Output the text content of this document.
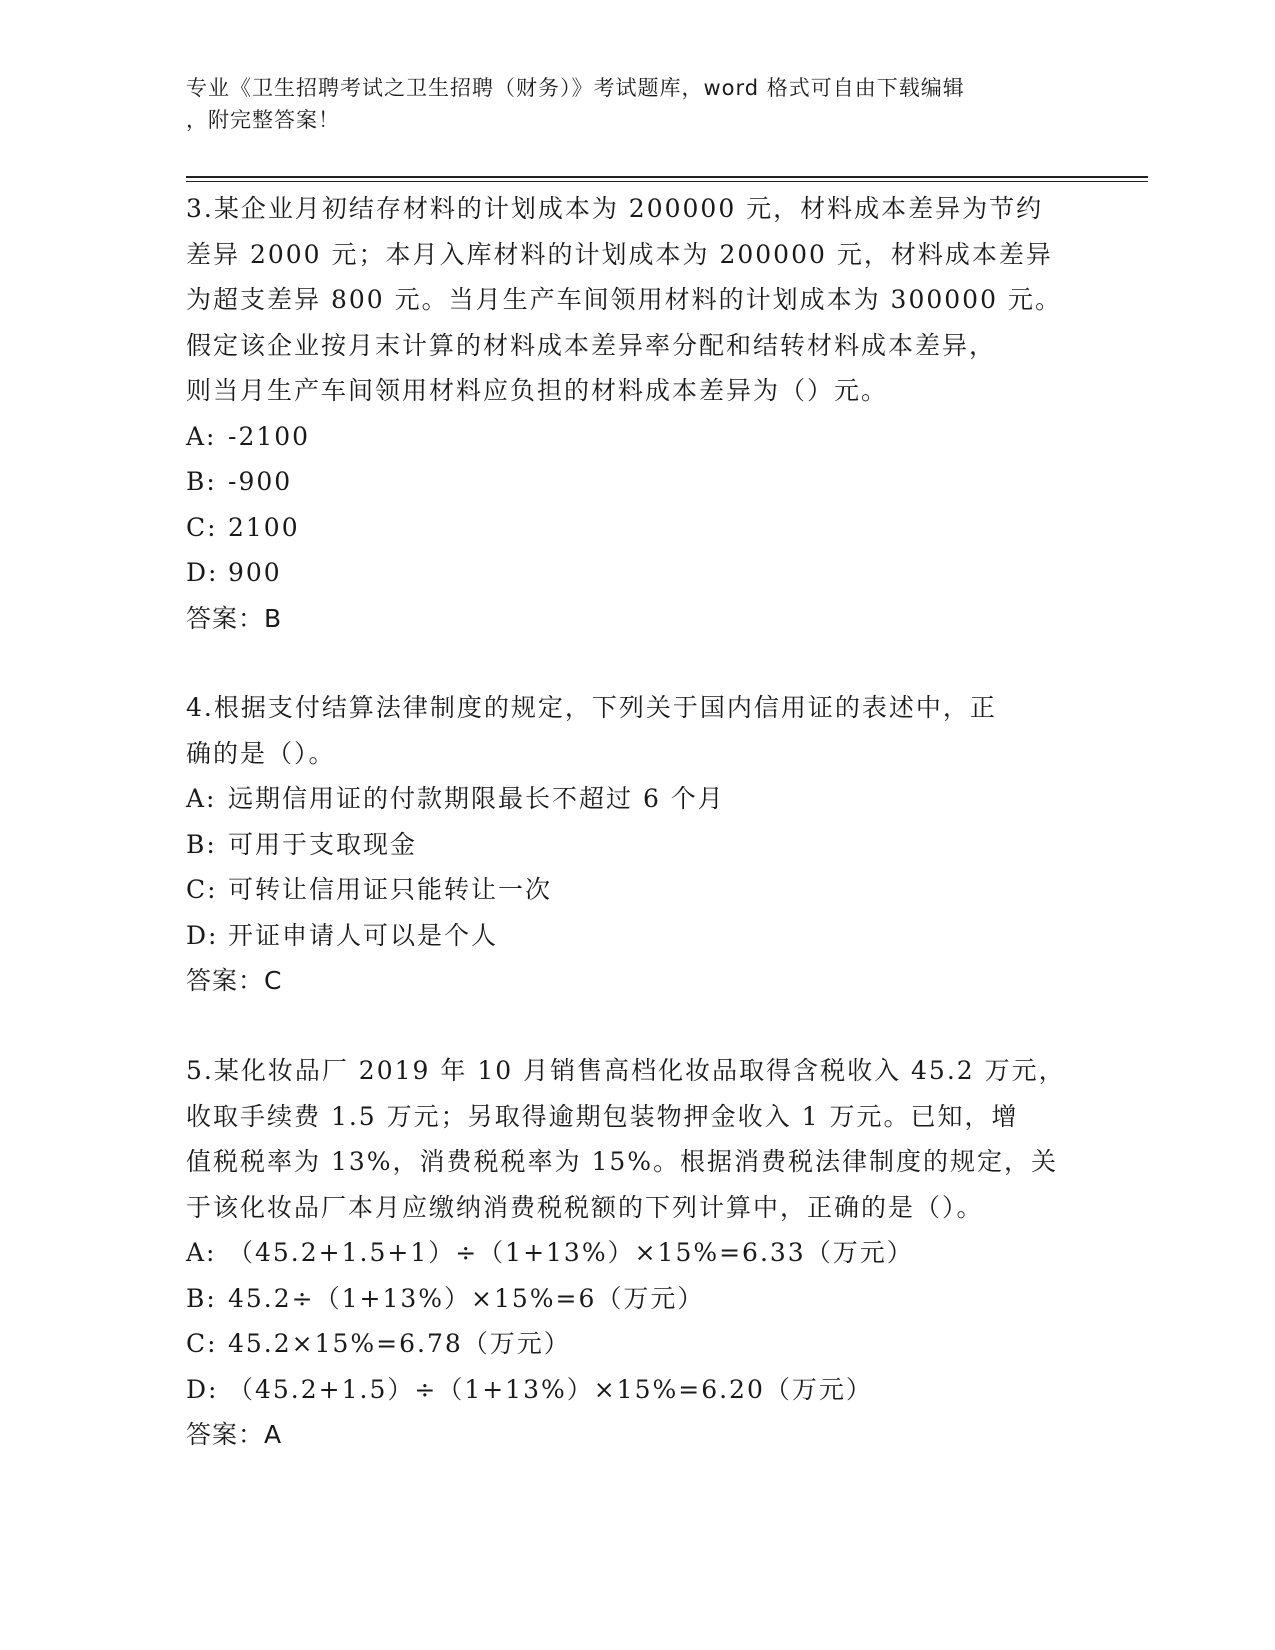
专业《卫生招聘考试之卫生招聘（财务）》考试题库，word 格式可自由下载编辑
，附完整答案！

3.某企业月初结存材料的计划成本为 200000 元，材料成本差异为节约

差异 2000 元；本月入库材料的计划成本为 200000 元，材料成本差异

为超支差异 800 元。当月生产车间领用材料的计划成本为 300000 元。

假定该企业按月末计算的材料成本差异率分配和结转材料成本差异，

则当月生产车间领用材料应负担的材料成本差异为（）元。

A: -2100

B: -900

C: 2100

D: 900

答案：B

4.根据支付结算法律制度的规定，下列关于国内信用证的表述中，正

确的是（）。

A: 远期信用证的付款期限最长不超过 6 个月

B: 可用于支取现金

C: 可转让信用证只能转让一次

D: 开证申请人可以是个人

答案：C

5.某化妆品厂 2019 年 10 月销售高档化妆品取得含税收入 45.2 万元，

收取手续费 1.5 万元；另取得逾期包装物押金收入 1 万元。已知，增

值税税率为 13%，消费税税率为 15%。根据消费税法律制度的规定，关

于该化妆品厂本月应缴纳消费税税额的下列计算中，正确的是（）。

A: （45.2+1.5+1）÷（1+13%）×15%=6.33（万元）

B: 45.2÷（1+13%）×15%=6（万元）

C: 45.2×15%=6.78（万元）

D: （45.2+1.5）÷（1+13%）×15%=6.20（万元）

答案：A
